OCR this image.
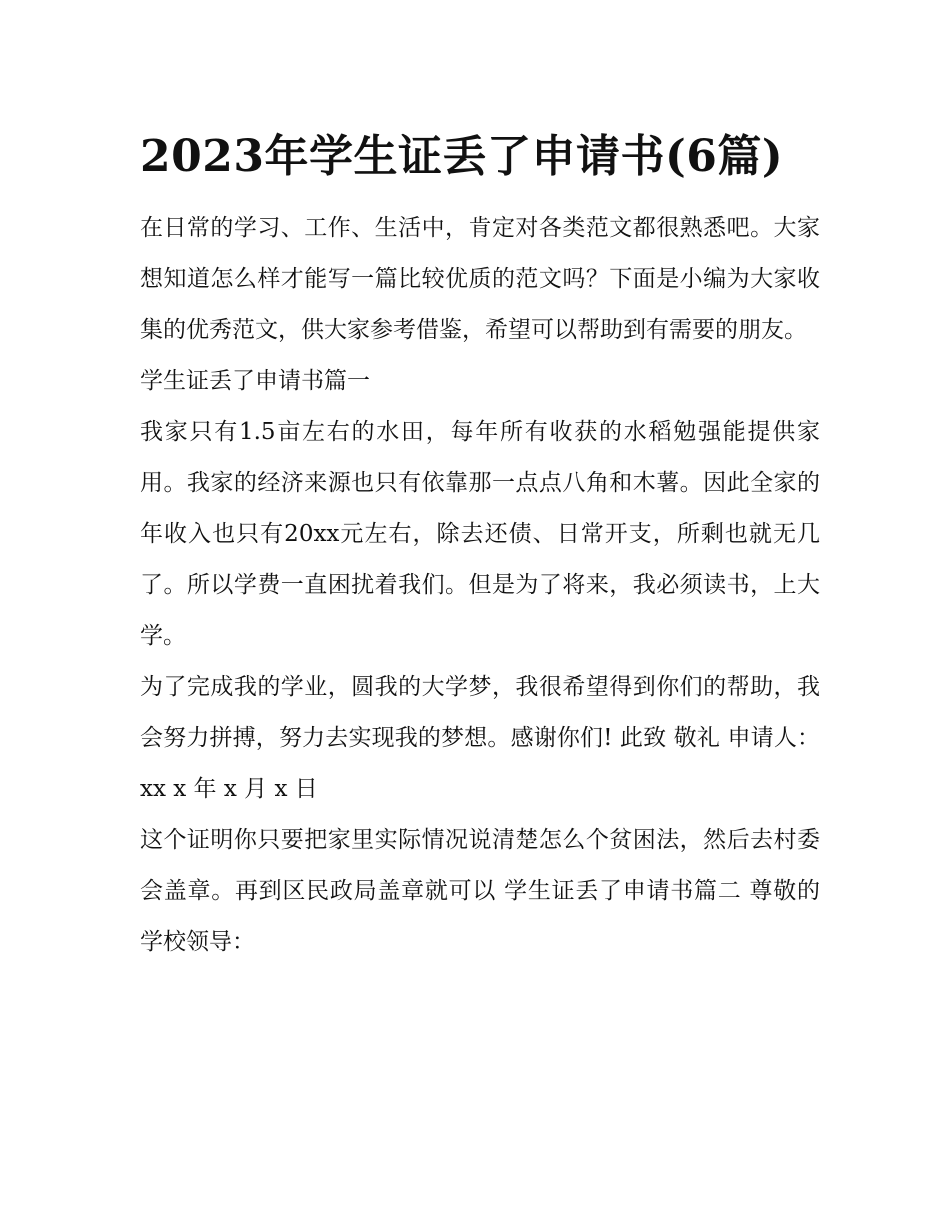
2023年学生证丢了申请书(6篇)

在日常的学习、工作、生活中，肯定对各类范文都很熟悉吧。大家想知道怎么样才能写一篇比较优质的范文吗？下面是小编为大家收集的优秀范文，供大家参考借鉴，希望可以帮助到有需要的朋友。

学生证丢了申请书篇一

我家只有1.5亩左右的水田，每年所有收获的水稻勉强能提供家用。我家的经济来源也只有依靠那一点点八角和木薯。因此全家的年收入也只有20xx元左右，除去还债、日常开支，所剩也就无几了。所以学费一直困扰着我们。但是为了将来，我必须读书，上大学。

为了完成我的学业，圆我的大学梦，我很希望得到你们的帮助，我会努力拼搏，努力去实现我的梦想。感谢你们! 此致 敬礼 申请人：xx x 年 x 月 x 日

这个证明你只要把家里实际情况说清楚怎么个贫困法，然后去村委会盖章。再到区民政局盖章就可以 学生证丢了申请书篇二 尊敬的学校领导：
